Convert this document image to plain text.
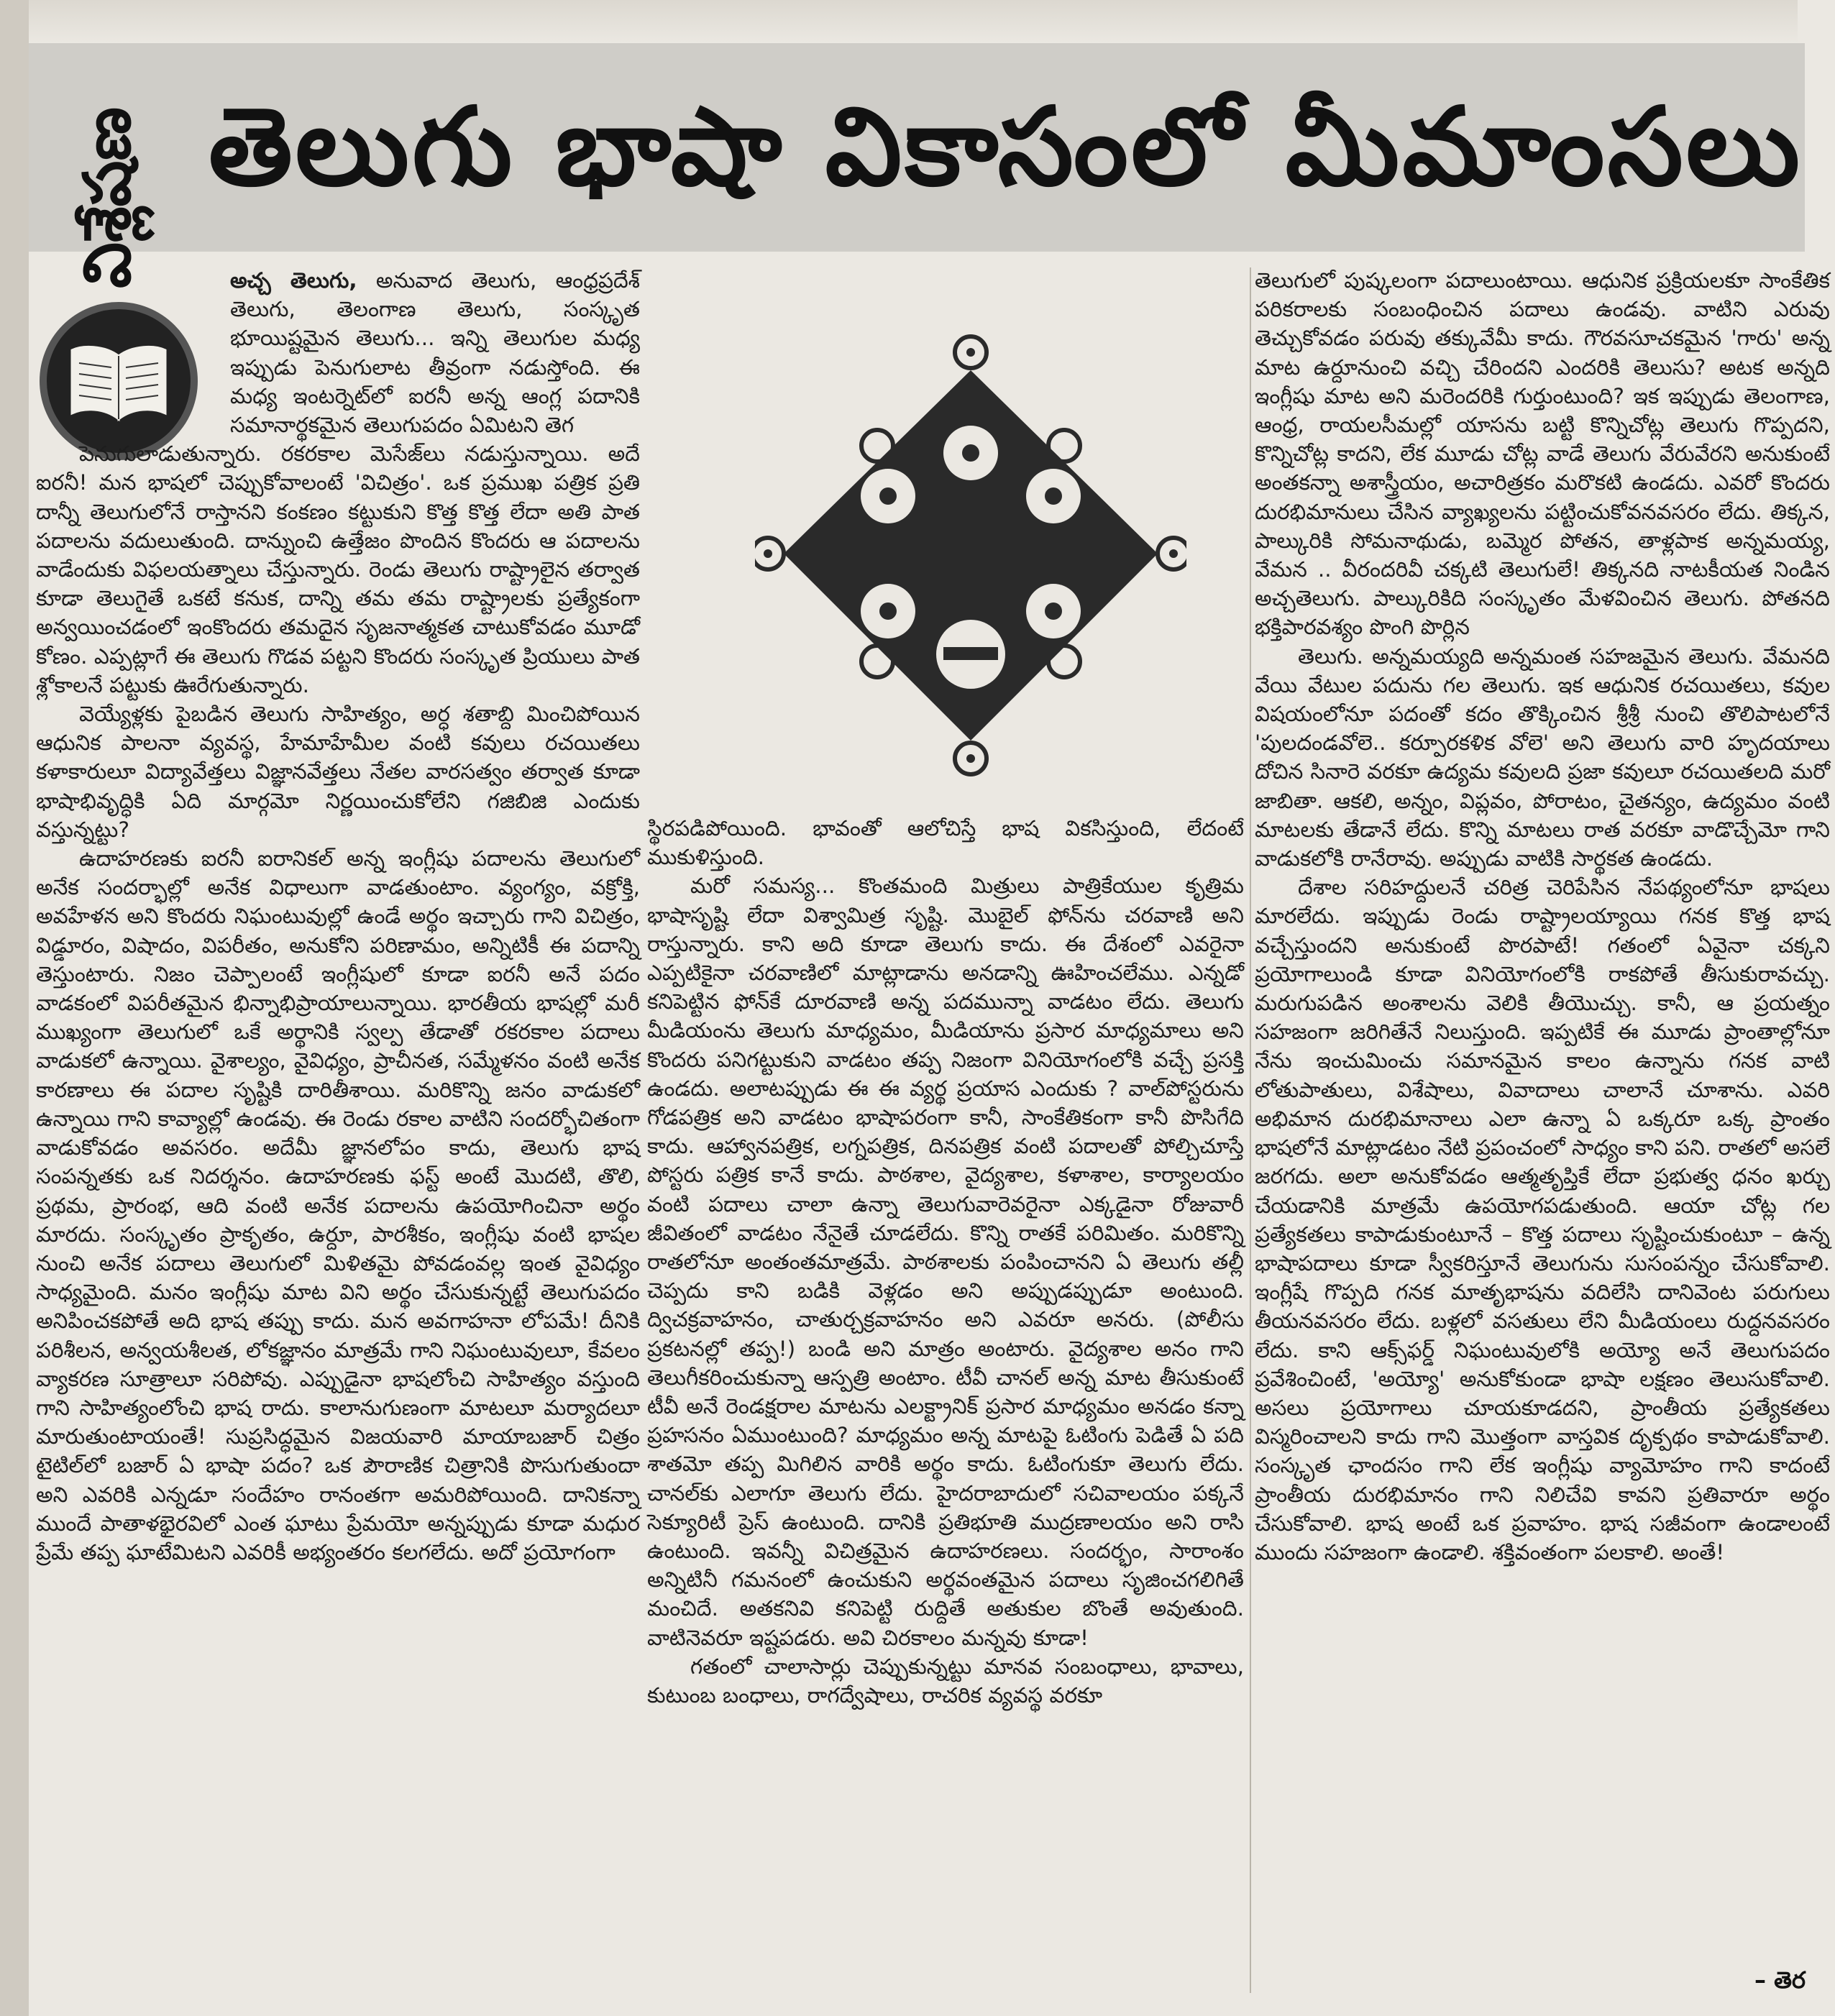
తెలుగు భాషా వికాసంలో మీమాంసలు
విశ్లేషణ	అచ్చ తెలుగు, అనువాద తెలుగు, ఆంధ్రప్రదేశ్ తెలుగు, తెలంగాణ తెలుగు, సంస్కృత భూయిష్టమైన తెలుగు... ఇన్ని తెలుగుల మధ్య ఇప్పుడు పెనుగులాట తీవ్రంగా నడుస్తోంది. ఈ మధ్య ఇంటర్నెట్‌లో ఐరనీ అన్న ఆంగ్ల పదానికి సమానార్థకమైన తెలుగుపదం ఏమిటని తెగ

పెనుగులాడుతున్నారు. రకరకాల మెసేజ్‌లు నడుస్తున్నాయి. అదే ఐరనీ! మన భాషలో చెప్పుకోవాలంటే 'విచిత్రం'. ఒక ప్రముఖ పత్రిక ప్రతి దాన్నీ తెలుగులోనే రాస్తానని కంకణం కట్టుకుని కొత్త కొత్త లేదా అతి పాత పదాలను వదులుతుంది. దాన్నుంచి ఉత్తేజం పొందిన కొందరు ఆ పదాలను వాడేందుకు విఫలయత్నాలు చేస్తున్నారు. రెండు తెలుగు రాష్ట్రాలైన తర్వాత కూడా తెలుగైతే ఒకటే కనుక, దాన్ని తమ తమ రాష్ట్రాలకు ప్రత్యేకంగా అన్వయించడంలో ఇంకొందరు తమదైన సృజనాత్మకత చాటుకోవడం మూడో కోణం. ఎప్పట్లాగే ఈ తెలుగు గొడవ పట్టని కొందరు సంస్కృత ప్రియులు పాత శ్లోకాలనే పట్టుకు ఊరేగుతున్నారు.

వెయ్యేళ్లకు పైబడిన తెలుగు సాహిత్యం, అర్ధ శతాబ్ది మించిపోయిన ఆధునిక పాలనా వ్యవస్థ, హేమాహేమీల వంటి కవులు రచయితలు కళాకారులూ విద్యావేత్తలు విజ్ఞానవేత్తలు నేతల వారసత్వం తర్వాత కూడా భాషాభివృద్ధికి ఏది మార్గమో నిర్ణయించుకోలేని గజిబిజి ఎందుకు వస్తున్నట్టు?

ఉదాహరణకు ఐరనీ ఐరానికల్ అన్న ఇంగ్లీషు పదాలను తెలుగులో అనేక సందర్భాల్లో అనేక విధాలుగా వాడతుంటాం. వ్యంగ్యం, వక్రోక్తి, అవహేళన అని కొందరు నిఘంటువుల్లో ఉండే అర్థం ఇచ్చారు గాని విచిత్రం, విడ్డూరం, విషాదం, విపరీతం, అనుకోని పరిణామం, అన్నిటికీ ఈ పదాన్ని తెస్తుంటారు. నిజం చెప్పాలంటే ఇంగ్లీషులో కూడా ఐరనీ అనే పదం వాడకంలో విపరీతమైన భిన్నాభిప్రాయాలున్నాయి. భారతీయ భాషల్లో మరీ ముఖ్యంగా తెలుగులో ఒకే అర్థానికి స్వల్ప తేడాతో రకరకాల పదాలు వాడుకలో ఉన్నాయి. వైశాల్యం, వైవిధ్యం, ప్రాచీనత, సమ్మేళనం వంటి అనేక కారణాలు ఈ పదాల సృష్టికి దారితీశాయి. మరికొన్ని జనం వాడుకలో ఉన్నాయి గాని కావ్యాల్లో ఉండవు. ఈ రెండు రకాల వాటిని సందర్భోచితంగా వాడుకోవడం అవసరం. అదేమీ జ్ఞానలోపం కాదు, తెలుగు భాష సంపన్నతకు ఒక నిదర్శనం. ఉదాహరణకు ఫస్ట్ అంటే మొదటి, తొలి, ప్రథమ, ప్రారంభ, ఆది వంటి అనేక పదాలను ఉపయోగించినా అర్థం మారదు. సంస్కృతం ప్రాకృతం, ఉర్దూ, పారశీకం, ఇంగ్లీషు వంటి భాషల నుంచి అనేక పదాలు తెలుగులో మిళితమై పోవడంవల్ల ఇంత వైవిధ్యం సాధ్యమైంది. మనం ఇంగ్లీషు మాట విని అర్థం చేసుకున్నట్టే తెలుగుపదం అనిపించకపోతే అది భాష తప్పు కాదు. మన అవగాహనా లోపమే! దీనికి పరిశీలన, అన్వయశీలత, లోకజ్ఞానం మాత్రమే గాని నిఘంటువులూ, కేవలం వ్యాకరణ సూత్రాలూ సరిపోవు. ఎప్పుడైనా భాషలోంచి సాహిత్యం వస్తుంది గాని సాహిత్యంలోంచి భాష రాదు. కాలానుగుణంగా మాటలూ మర్యాదలూ మారుతుంటాయంతే! సుప్రసిద్ధమైన విజయవారి మాయాబజార్ చిత్రం టైటిల్‌లో బజార్ ఏ భాషా పదం? ఒక పౌరాణిక చిత్రానికి పొసుగుతుందా అని ఎవరికి ఎన్నడూ సందేహం రానంతగా అమరిపోయింది. దానికన్నా ముందే పాతాళభైరవిలో ఎంత ఘాటు ప్రేమయో అన్నప్పుడు కూడా మధుర ప్రేమే తప్ప ఘాటేమిటని ఎవరికీ అభ్యంతరం కలగలేదు. అదో ప్రయోగంగా

స్థిరపడిపోయింది. భావంతో ఆలోచిస్తే భాష వికసిస్తుంది, లేదంటే ముకుళిస్తుంది.

మరో సమస్య... కొంతమంది మిత్రులు పాత్రికేయుల కృత్రిమ భాషాసృష్టి లేదా విశ్వామిత్ర సృష్టి. మొబైల్ ఫోన్‌ను చరవాణి అని రాస్తున్నారు. కాని అది కూడా తెలుగు కాదు. ఈ దేశంలో ఎవరైనా ఎప్పటికైనా చరవాణిలో మాట్లాడాను అనడాన్ని ఊహించలేము. ఎన్నడో కనిపెట్టిన ఫోన్‌కే దూరవాణి అన్న పదమున్నా వాడటం లేదు. తెలుగు మీడియంను తెలుగు మాధ్యమం, మీడియాను ప్రసార మాధ్యమాలు అని కొందరు పనిగట్టుకుని వాడటం తప్ప నిజంగా వినియోగంలోకి వచ్చే ప్రసక్తి ఉండదు. అలాటప్పుడు ఈ ఈ వ్యర్థ ప్రయాస ఎందుకు ? వాల్‌పోస్టరును గోడపత్రిక అని వాడటం భాషాపరంగా కానీ, సాంకేతికంగా కానీ పొసిగేది కాదు. ఆహ్వానపత్రిక, లగ్నపత్రిక, దినపత్రిక వంటి పదాలతో పోల్చిచూస్తే పోస్టరు పత్రిక కానే కాదు. పాఠశాల, వైద్యశాల, కళాశాల, కార్యాలయం వంటి పదాలు చాలా ఉన్నా తెలుగువారెవరైనా ఎక్కడైనా రోజువారీ జీవితంలో వాడటం నేనైతే చూడలేదు. కొన్ని రాతకే పరిమితం. మరికొన్ని రాతలోనూ అంతంతమాత్రమే. పాఠశాలకు పంపించానని ఏ తెలుగు తల్లీ చెప్పదు కాని బడికి వెళ్లడం అని అప్పుడప్పుడూ అంటుంది. ద్విచక్రవాహనం, చాతుర్చక్రవాహనం అని ఎవరూ అనరు. (పోలీసు ప్రకటనల్లో తప్ప!) బండి అని మాత్రం అంటారు. వైద్యశాల అనం గాని తెలుగీకరించుకున్నా ఆస్పత్రి అంటాం. టీవీ చానల్ అన్న మాట తీసుకుంటే టీవీ అనే రెండక్షరాల మాటను ఎలక్ట్రానిక్ ప్రసార మాధ్యమం అనడం కన్నా ప్రహసనం ఏముంటుంది? మాధ్యమం అన్న మాటపై ఓటింగు పెడితే ఏ పది శాతమో తప్ప మిగిలిన వారికి అర్థం కాదు. ఓటింగుకూ తెలుగు లేదు. చానల్‌కు ఎలాగూ తెలుగు లేదు. హైదరాబాదులో సచివాలయం పక్కనే సెక్యూరిటీ ప్రెస్ ఉంటుంది. దానికి ప్రతిభూతి ముద్రణాలయం అని రాసి ఉంటుంది. ఇవన్నీ విచిత్రమైన ఉదాహరణలు. సందర్భం, సారాంశం అన్నిటినీ గమనంలో ఉంచుకుని అర్థవంతమైన పదాలు సృజించగలిగితే మంచిదే. అతకనివి కనిపెట్టి రుద్దితే అతుకుల బొంతే అవుతుంది. వాటినెవరూ ఇష్టపడరు. అవి చిరకాలం మన్నవు కూడా!

గతంలో చాలాసార్లు చెప్పుకున్నట్టు మానవ సంబంధాలు, భావాలు, కుటుంబ బంధాలు, రాగద్వేషాలు, రాచరిక వ్యవస్థ వరకూ

తెలుగులో పుష్కలంగా పదాలుంటాయి. ఆధునిక ప్రక్రియలకూ సాంకేతిక పరికరాలకు సంబంధించిన పదాలు ఉండవు. వాటిని ఎరువు తెచ్చుకోవడం పరువు తక్కువేమీ కాదు. గౌరవసూచకమైన 'గారు' అన్న మాట ఉర్దూనుంచి వచ్చి చేరిందని ఎందరికి తెలుసు? అటక అన్నది ఇంగ్లీషు మాట అని మరెందరికి గుర్తుంటుంది? ఇక ఇప్పుడు తెలంగాణ, ఆంధ్ర, రాయలసీమల్లో యాసను బట్టి కొన్నిచోట్ల తెలుగు గొప్పదని, కొన్నిచోట్ల కాదని, లేక మూడు చోట్ల వాడే తెలుగు వేరువేరని అనుకుంటే అంతకన్నా అశాస్త్రీయం, అచారిత్రకం మరొకటి ఉండదు. ఎవరో కొందరు దురభిమానులు చేసిన వ్యాఖ్యలను పట్టించుకోవనవసరం లేదు. తిక్కన, పాల్కురికి సోమనాథుడు, బమ్మెర పోతన, తాళ్లపాక అన్నమయ్య, వేమన .. వీరందరివీ చక్కటి తెలుగులే! తిక్కనది నాటకీయత నిండిన అచ్చతెలుగు. పాల్కురికిది సంస్కృతం మేళవించిన తెలుగు. పోతనది భక్తిపారవశ్యం పొంగి పొర్లిన

తెలుగు. అన్నమయ్యది అన్నమంత సహజమైన తెలుగు. వేమనది వేయి వేటుల పదును గల తెలుగు. ఇక ఆధునిక రచయితలు, కవుల విషయంలోనూ పదంతో కదం తొక్కించిన శ్రీశ్రీ నుంచి తొలిపాటలోనే 'పులదండవోలె.. కర్పూరకళిక వోలె' అని తెలుగు వారి హృదయాలు దోచిన సినారె వరకూ ఉద్యమ కవులది ప్రజా కవులూ రచయితలది మరో జాబితా. ఆకలి, అన్నం, విప్లవం, పోరాటం, చైతన్యం, ఉద్యమం వంటి మాటలకు తేడానే లేదు. కొన్ని మాటలు రాత వరకూ వాడొచ్చేమో గాని వాడుకలోకి రానేరావు. అప్పుడు వాటికి సార్థకత ఉండదు.

దేశాల సరిహద్దులనే చరిత్ర చెరిపేసిన నేపథ్యంలోనూ భాషలు మారలేదు. ఇప్పుడు రెండు రాష్ట్రాలయ్యాయి గనక కొత్త భాష వచ్చేస్తుందని అనుకుంటే పొరపాటే! గతంలో ఏవైనా చక్కని ప్రయోగాలుండి కూడా వినియోగంలోకి రాకపోతే తీసుకురావచ్చు. మరుగుపడిన అంశాలను వెలికి తీయొచ్చు. కానీ, ఆ ప్రయత్నం సహజంగా జరిగితేనే నిలుస్తుంది. ఇప్పటికే ఈ మూడు ప్రాంతాల్లోనూ నేను ఇంచుమించు సమానమైన కాలం ఉన్నాను గనక వాటి లోతుపాతులు, విశేషాలు, వివాదాలు చాలానే చూశాను. ఎవరి అభిమాన దురభిమానాలు ఎలా ఉన్నా ఏ ఒక్కరూ ఒక్క ప్రాంతం భాషలోనే మాట్లాడటం నేటి ప్రపంచంలో సాధ్యం కాని పని. రాతలో అసలే జరగదు. అలా అనుకోవడం ఆత్మతృప్తికే లేదా ప్రభుత్వ ధనం ఖర్చు చేయడానికి మాత్రమే ఉపయోగపడుతుంది. ఆయా చోట్ల గల ప్రత్యేకతలు కాపాడుకుంటూనే – కొత్త పదాలు సృష్టించుకుంటూ – ఉన్న భాషాపదాలు కూడా స్వీకరిస్తూనే తెలుగును సుసంపన్నం చేసుకోవాలి. ఇంగ్లీషే గొప్పది గనక మాతృభాషను వదిలేసి దానివెంట పరుగులు తీయనవసరం లేదు. బళ్లలో వసతులు లేని మీడియంలు రుద్దనవసరం లేదు. కాని ఆక్స్‌ఫర్డ్ నిఘంటువులోకి అయ్యో అనే తెలుగుపదం ప్రవేశించింటే, 'అయ్యో' అనుకోకుండా భాషా లక్షణం తెలుసుకోవాలి. అసలు ప్రయోగాలు చూయకూడదని, ప్రాంతీయ ప్రత్యేకతలు విస్మరించాలని కాదు గాని మొత్తంగా వాస్తవిక దృక్పథం కాపాడుకోవాలి. సంస్కృత ఛాందసం గాని లేక ఇంగ్లీషు వ్యామోహం గాని కాదంటే ప్రాంతీయ దురభిమానం గాని నిలిచేవి కావని ప్రతివారూ అర్థం చేసుకోవాలి. భాష అంటే ఒక ప్రవాహం. భాష సజీవంగా ఉండాలంటే ముందు సహజంగా ఉండాలి. శక్తివంతంగా పలకాలి. అంతే!

– తెర
